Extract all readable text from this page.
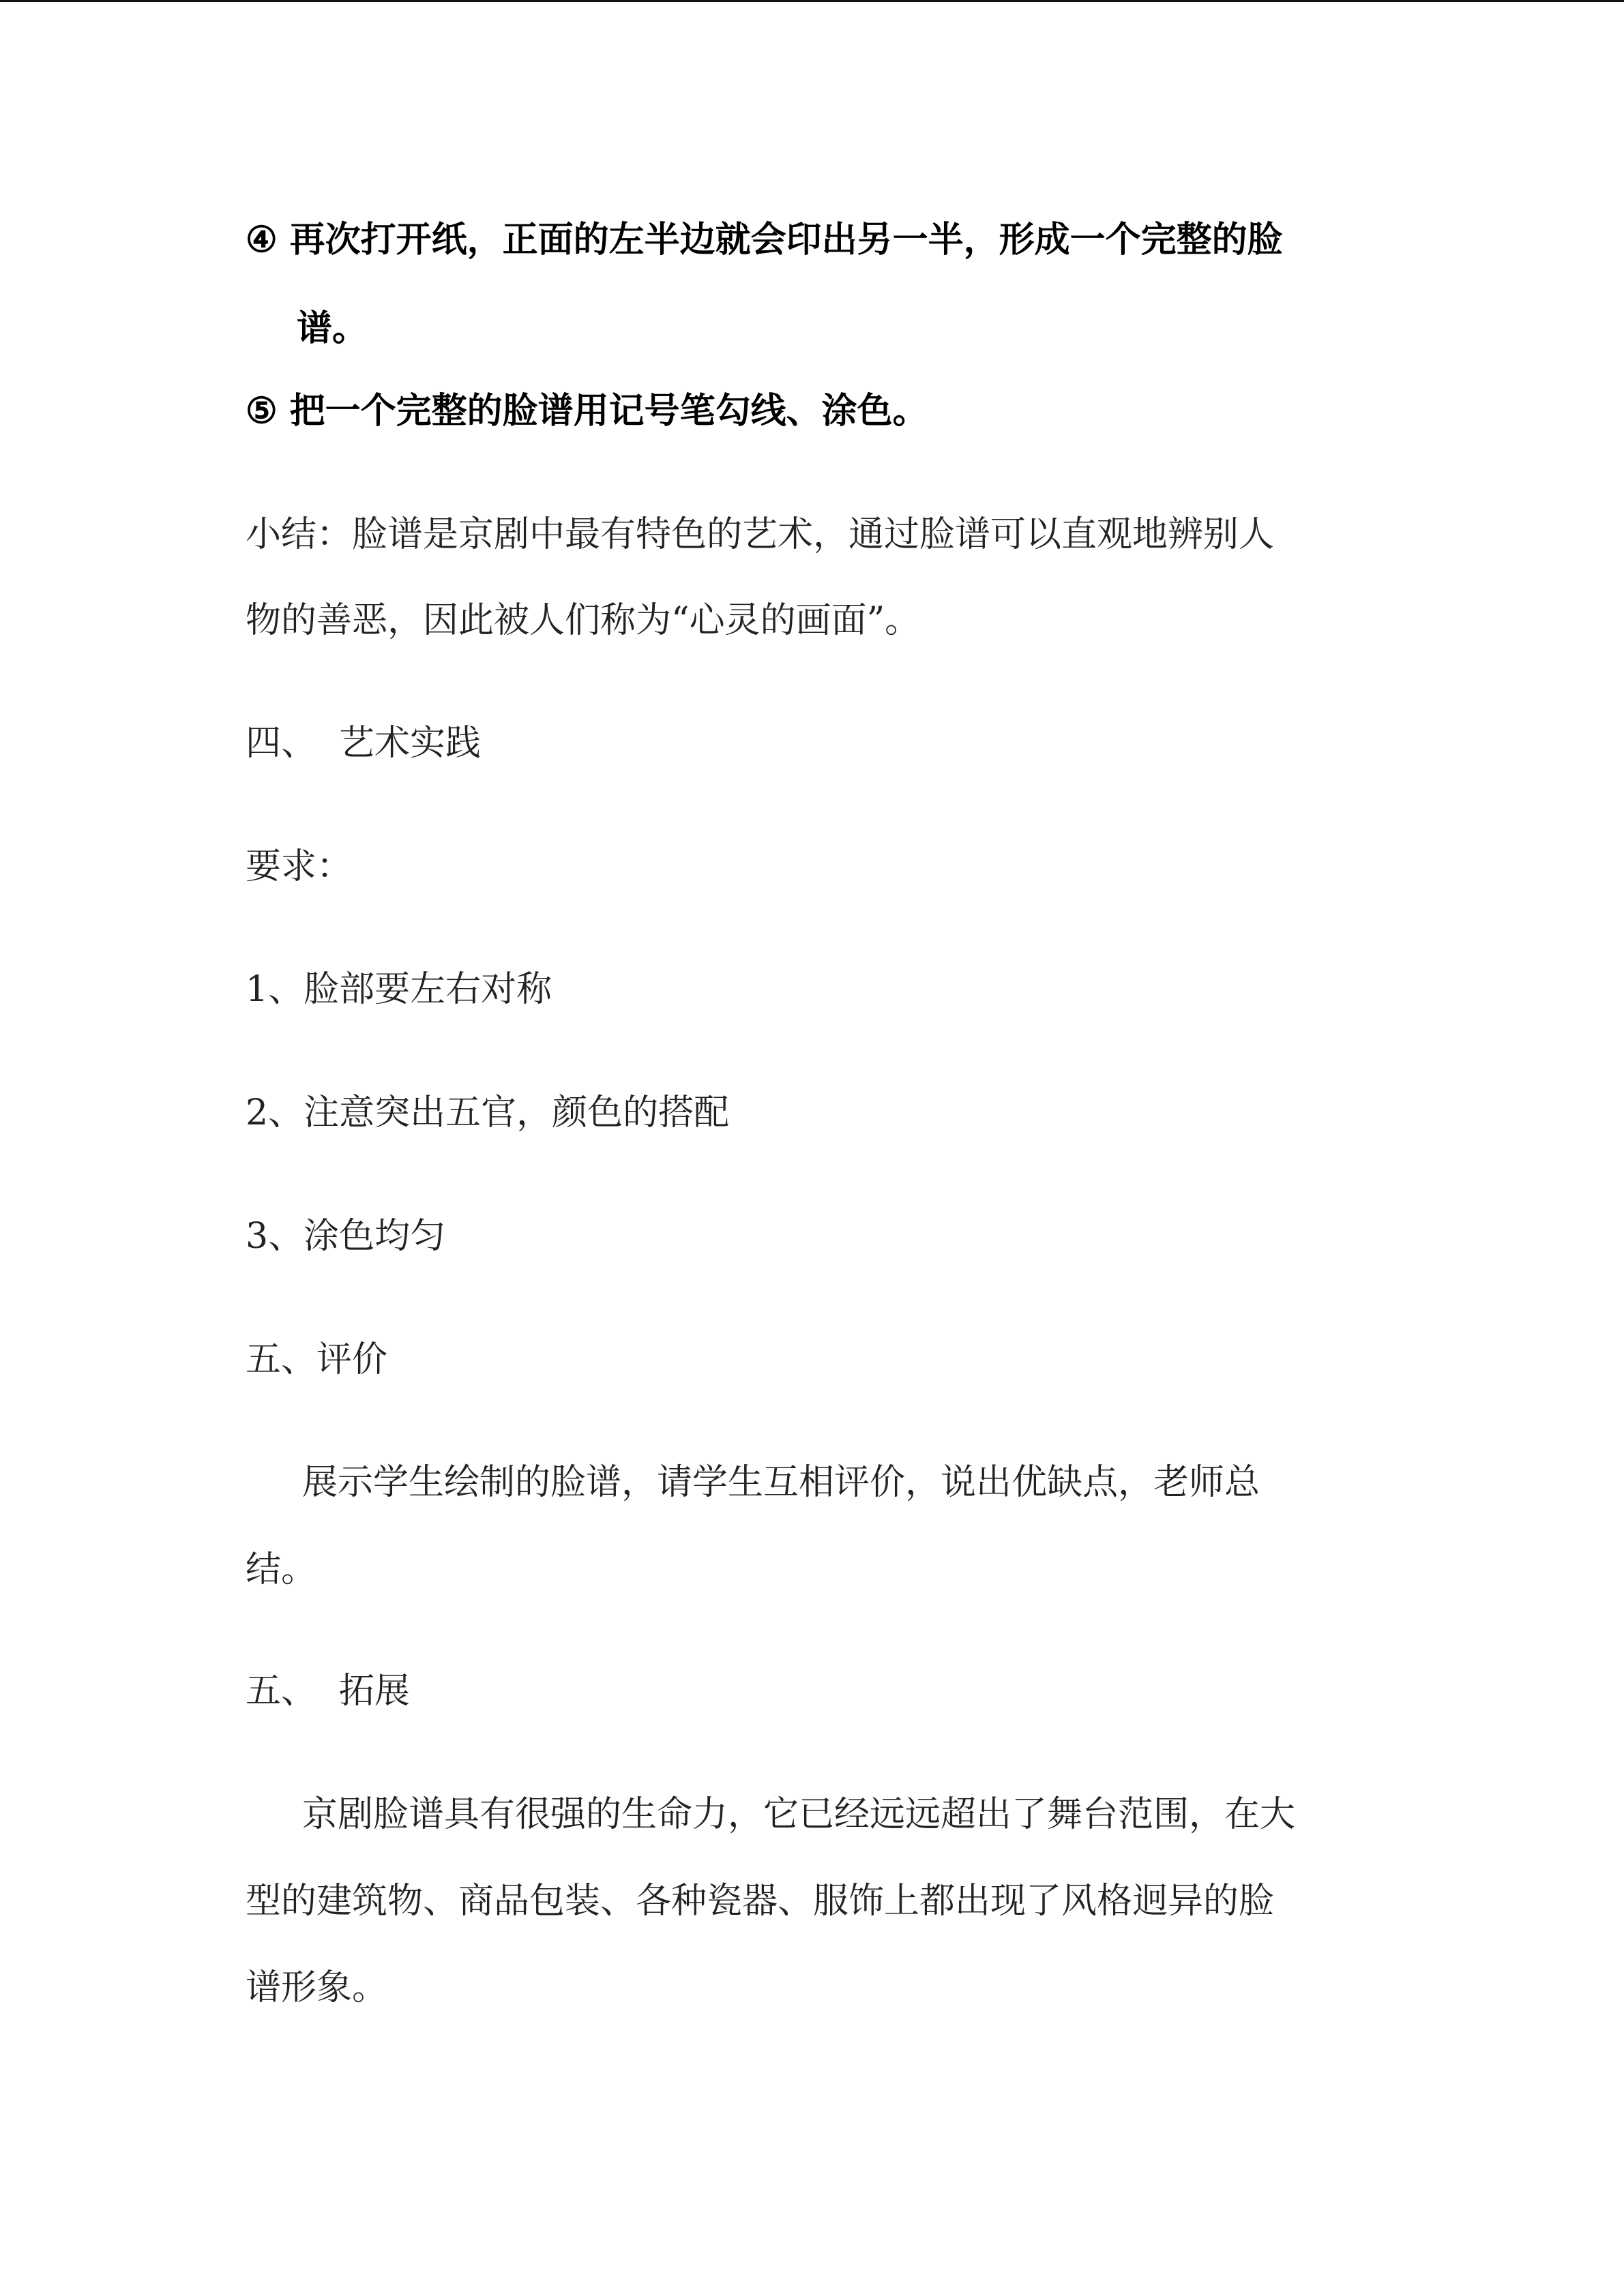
④ 再次打开纸，正面的左半边就会印出另一半，形成一个完整的脸
谱。
⑤ 把一个完整的脸谱用记号笔勾线、涂色。
小结：脸谱是京剧中最有特色的艺术，通过脸谱可以直观地辨别人
物的善恶，因此被人们称为“心灵的画面”。
四、  艺术实践
要求：
1、脸部要左右对称
2、注意突出五官，颜色的搭配
3、涂色均匀
五、评价
展示学生绘制的脸谱，请学生互相评价，说出优缺点，老师总
结。
五、  拓展
京剧脸谱具有很强的生命力，它已经远远超出了舞台范围，在大
型的建筑物、商品包装、各种瓷器、服饰上都出现了风格迥异的脸
谱形象。
